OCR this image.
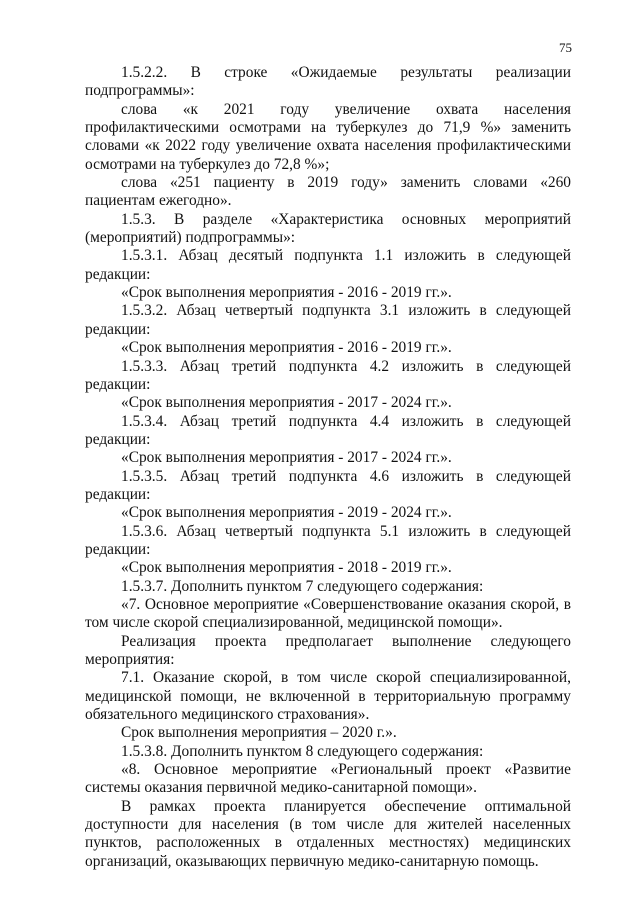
75

1.5.2.2. В строке «Ожидаемые результаты реализации подпрограммы»:

слова «к 2021 году увеличение охвата населения профилактическими осмотрами на туберкулез до 71,9 %» заменить словами «к 2022 году увеличение охвата населения профилактическими осмотрами на туберкулез до 72,8 %»;

слова «251 пациенту в 2019 году» заменить словами «260 пациентам ежегодно».

1.5.3. В разделе «Характеристика основных мероприятий (мероприятий) подпрограммы»:

1.5.3.1. Абзац десятый подпункта 1.1 изложить в следующей редакции:

«Срок выполнения мероприятия - 2016 - 2019 гг.».

1.5.3.2. Абзац четвертый подпункта 3.1 изложить в следующей редакции:

«Срок выполнения мероприятия - 2016 - 2019 гг.».

1.5.3.3. Абзац третий подпункта 4.2 изложить в следующей редакции:

«Срок выполнения мероприятия - 2017 - 2024 гг.».

1.5.3.4. Абзац третий подпункта 4.4 изложить в следующей редакции:

«Срок выполнения мероприятия - 2017 - 2024 гг.».

1.5.3.5. Абзац третий подпункта 4.6 изложить в следующей редакции:

«Срок выполнения мероприятия - 2019 - 2024 гг.».

1.5.3.6. Абзац четвертый подпункта 5.1 изложить в следующей редакции:

«Срок выполнения мероприятия - 2018 - 2019 гг.».

1.5.3.7. Дополнить пунктом 7 следующего содержания:

«7. Основное мероприятие «Совершенствование оказания скорой, в том числе скорой специализированной, медицинской помощи».

Реализация проекта предполагает выполнение следующего мероприятия:

7.1. Оказание скорой, в том числе скорой специализированной, медицинской помощи, не включенной в территориальную программу обязательного медицинского страхования».

Срок выполнения мероприятия – 2020 г.».

1.5.3.8. Дополнить пунктом 8 следующего содержания:

«8. Основное мероприятие «Региональный проект «Развитие системы оказания первичной медико-санитарной помощи».

В рамках проекта планируется обеспечение оптимальной доступности для населения (в том числе для жителей населенных пунктов, расположенных в отдаленных местностях) медицинских организаций, оказывающих первичную медико-санитарную помощь.
